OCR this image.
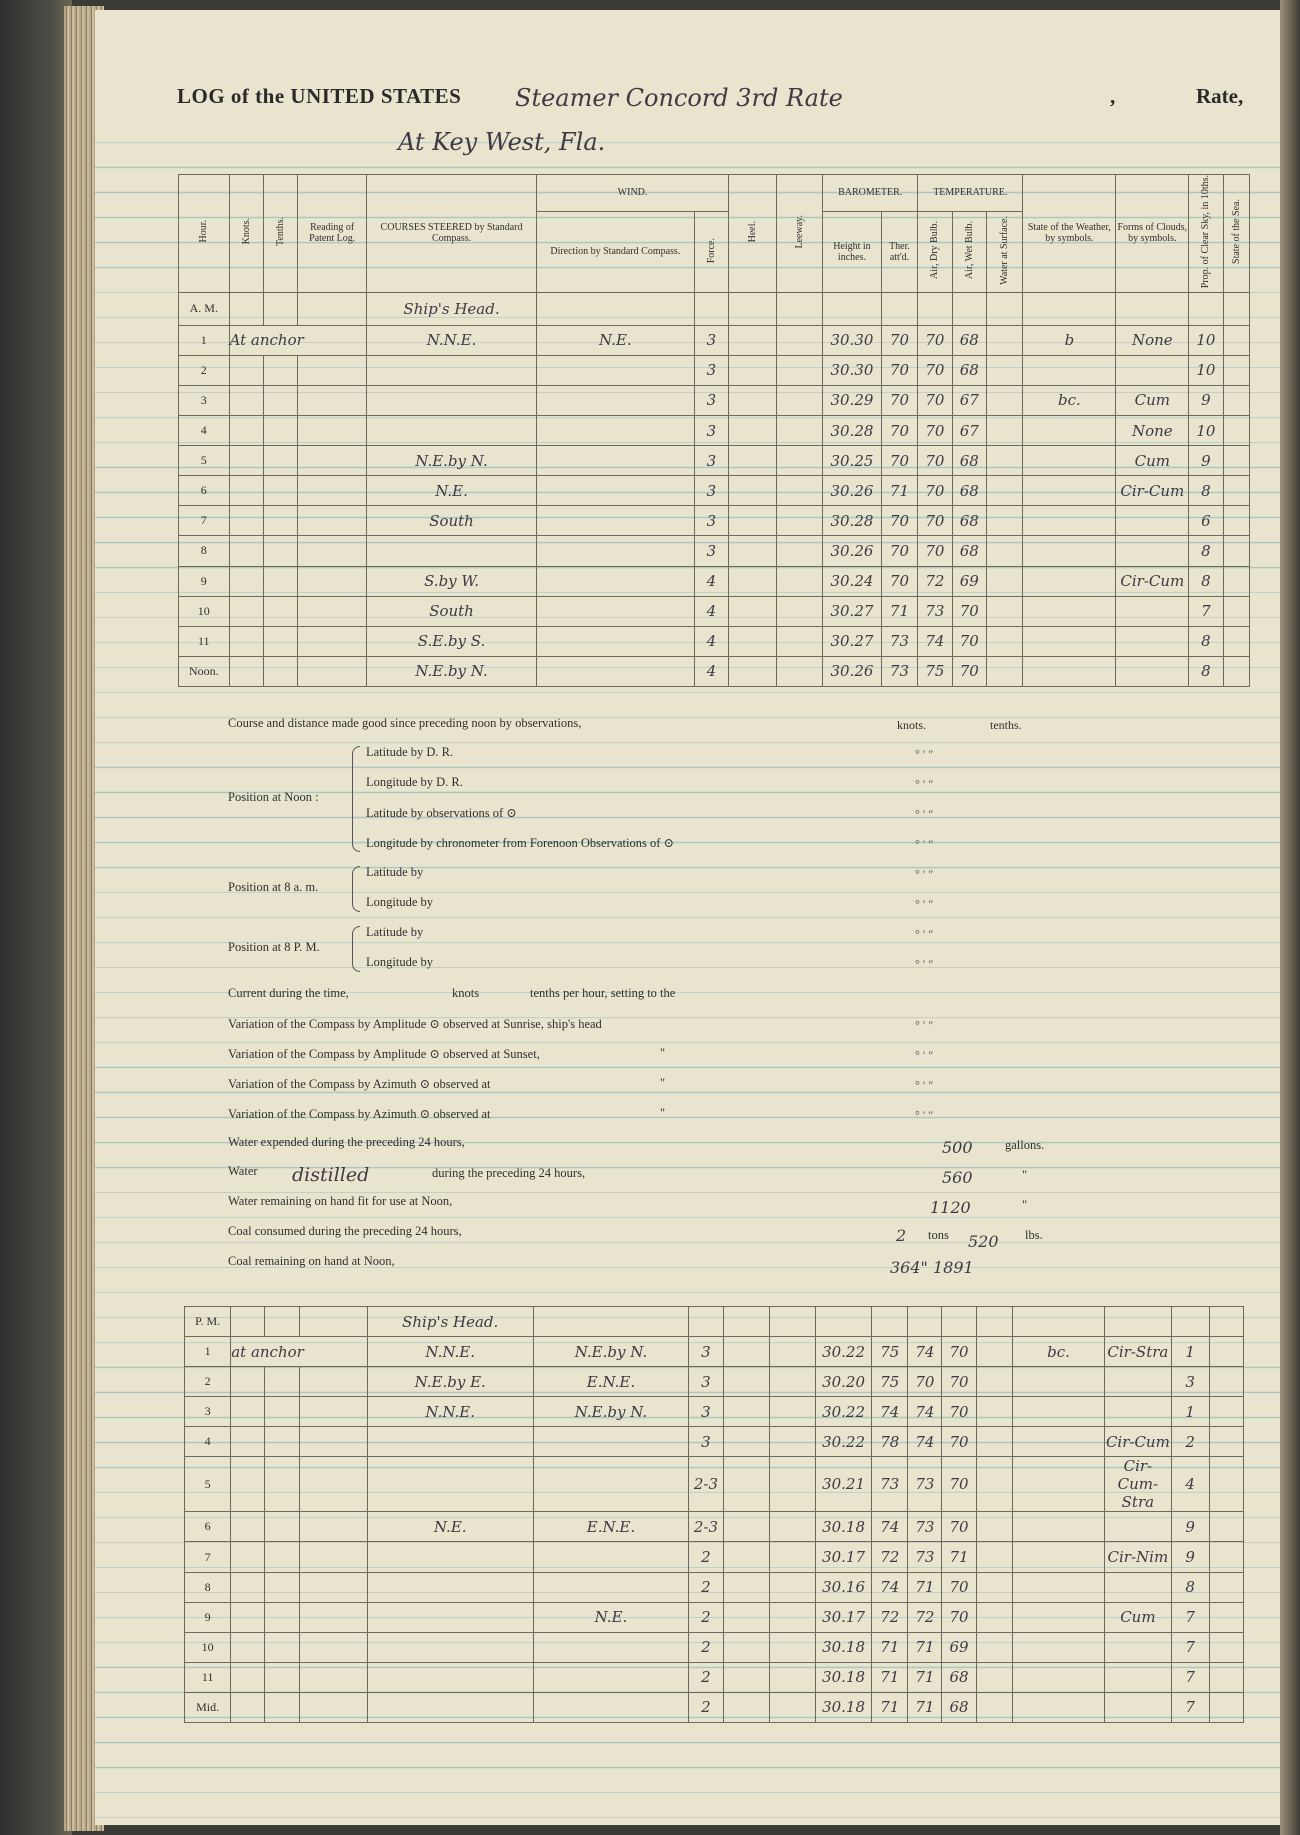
LOG of the UNITED STATES Steamer Concord 3rd Rate	,	Rate,
At Key West, Fla.
Hour.	Knots.	Tenths.	Reading of Patent Log.	COURSES STEERED by Standard Compass.	WIND.		Heel.	Leeway.	BAROMETER.		TEMPERATURE.			State of the Weather, by symbols.	Forms of Clouds, by symbols.	Prop. of Clear Sky, in 10ths.	State of the Sea.
					Direction by Standard Compass.	Force.			Height in inches.	Ther. att'd.	Air, Dry Bulb.	Air, Wet Bulb.	Water at Surface.				
A. M.				Ship's Head.													
1	At anchor			N.N.E.	N.E.	3			30.30	70	70	68		b	None	10	
2						3			30.30	70	70	68				10	
3						3			30.29	70	70	67		bc.	Cum	9	
4						3			30.28	70	70	67			None	10	
5				N.E.by N.		3			30.25	70	70	68			Cum	9	
6				N.E.		3			30.26	71	70	68			Cir-Cum	8	
7				South		3			30.28	70	70	68				6	
8						3			30.26	70	70	68				8	
9				S.by W.		4			30.24	70	72	69			Cir-Cum	8	
10				South		4			30.27	71	73	70				7	
11				S.E.by S.		4			30.27	73	74	70				8	
Noon.				N.E.by N.		4			30.26	73	75	70				8	
Course and distance made good since preceding noon by observations,	knots.	tenths.
Position at Noon :
Latitude by D. R.
Longitude by D. R.
Latitude by observations of ⊙
Longitude by chronometer from Forenoon Observations of ⊙
Position at 8 a. m.
Latitude by
Longitude by
Position at 8 P. M.
Latitude by
Longitude by
Current during the time,	knots	tenths per hour, setting to the
Variation of the Compass by Amplitude ⊙ observed at Sunrise, ship's head
Variation of the Compass by Amplitude ⊙ observed at Sunset,	"
Variation of the Compass by Azimuth ⊙ observed at	"
Variation of the Compass by Azimuth ⊙ observed at	"
° ′ ″
° ′ ″
° ′ ″
° ′ ″
° ′ ″
° ′ ″
° ′ ″
° ′ ″
° ′ ″
° ′ ″
° ′ ″
° ′ ″
Water expended during the preceding 24 hours,	500	gallons.
Water distilled	during the preceding 24 hours,	560	"
Water remaining on hand fit for use at Noon,	1120	"
Coal consumed during the preceding 24 hours,	2 tons 520 lbs.
Coal remaining on hand at Noon,	364" 1891
P. M.				Ship's Head.													
1	at anchor			N.N.E.	N.E.by N.	3			30.22	75	74	70		bc.	Cir-Stra	1	
2				N.E.by E.	E.N.E.	3			30.20	75	70	70				3	
3				N.N.E.	N.E.by N.	3			30.22	74	74	70				1	
4						3			30.22	78	74	70			Cir-Cum	2	
5						2-3			30.21	73	73	70			Cir-Cum-Stra	4	
6				N.E.	E.N.E.	2-3			30.18	74	73	70				9	
7						2			30.17	72	73	71			Cir-Nim	9	
8						2			30.16	74	71	70				8	
9					N.E.	2			30.17	72	72	70			Cum	7	
10						2			30.18	71	71	69				7	
11						2			30.18	71	71	68				7	
Mid.						2			30.18	71	71	68				7	
